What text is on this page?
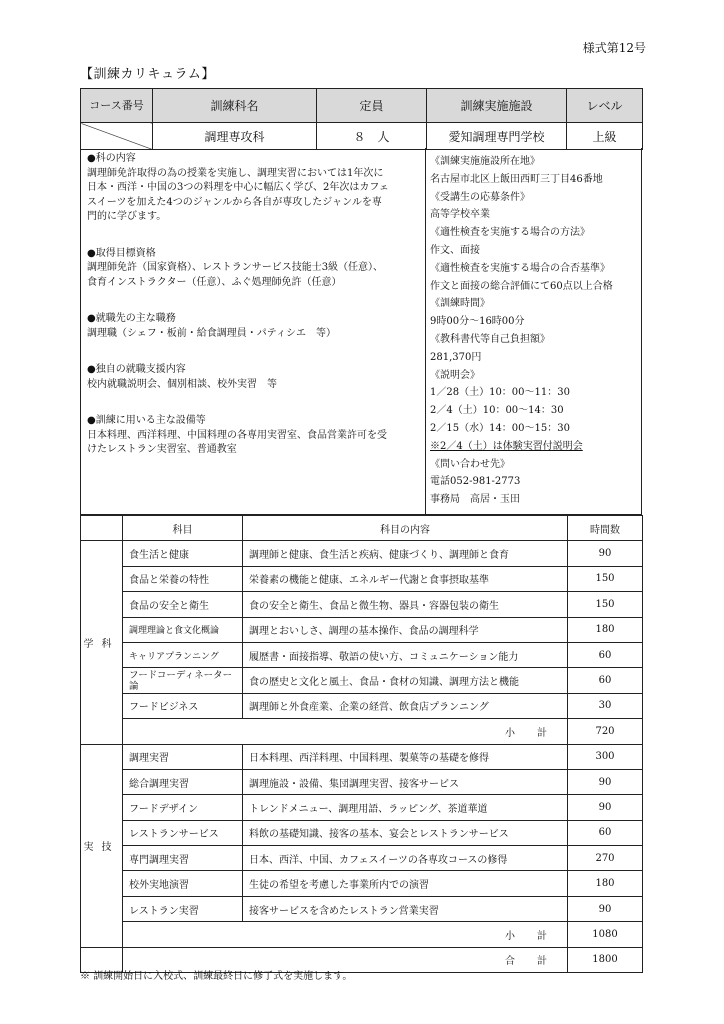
様式第12号
【訓練カリキュラム】
コース番号	訓練科名	定員	訓練実施施設	レベル
	調理専攻科	８　人	愛知調理専門学校	上級
●科の内容
調理師免許取得の為の授業を実施し、調理実習においては1年次に
日本・西洋・中国の3つの料理を中心に幅広く学び、2年次はカフェ
スイーツを加えた4つのジャンルから各自が専攻したジャンルを専
門的に学びます。
●取得目標資格
調理師免許（国家資格）、レストランサービス技能士3級（任意）、
食育インストラクター（任意）、ふぐ処理師免許（任意）
●就職先の主な職務
調理職（シェフ・板前・給食調理員・パティシエ　等）
●独自の就職支援内容
校内就職説明会、個別相談、校外実習　等
●訓練に用いる主な設備等
日本料理、西洋料理、中国料理の各専用実習室、食品営業許可を受
けたレストラン実習室、普通教室
《訓練実施施設所在地》
名古屋市北区上飯田西町三丁目46番地
《受講生の応募条件》
高等学校卒業
《適性検査を実施する場合の方法》
作文、面接
《適性検査を実施する場合の合否基準》
作文と面接の総合評価にて60点以上合格
《訓練時間》
9時00分～16時00分
《教科書代等自己負担額》
281,370円
《説明会》
1／28（土）10：00～11：30
2／4（土）10：00～14：30
2／15（水）14：00～15：30
※2／4（土）は体験実習付説明会
《問い合わせ先》
電話052-981-2773
事務局　高居・玉田
	科目	科目の内容	時間数
学科	食生活と健康	調理師と健康、食生活と疾病、健康づくり、調理師と食育	90
	食品と栄養の特性	栄養素の機能と健康、エネルギー代謝と食事摂取基準	150
	食品の安全と衛生	食の安全と衛生、食品と微生物、器具・容器包装の衛生	150
	調理理論と食文化概論	調理とおいしさ、調理の基本操作、食品の調理科学	180
	キャリアプランニング	履歴書・面接指導、敬語の使い方、コミュニケーション能力	60
	フードコーディネーター論	食の歴史と文化と風土、食品・食材の知識、調理方法と機能	60
	フードビジネス	調理師と外食産業、企業の経営、飲食店プランニング	30
	小　計		720
実技	調理実習	日本料理、西洋料理、中国料理、製菓等の基礎を修得	300
	総合調理実習	調理施設・設備、集団調理実習、接客サービス	90
	フードデザイン	トレンドメニュー、調理用語、ラッピング、茶道華道	90
	レストランサービス	料飲の基礎知識、接客の基本、宴会とレストランサービス	60
	専門調理実習	日本、西洋、中国、カフェスイーツの各専攻コースの修得	270
	校外実地演習	生徒の希望を考慮した事業所内での演習	180
	レストラン実習	接客サービスを含めたレストラン営業実習	90
	小　計		1080
	合　計		1800
※ 訓練開始日に入校式、訓練最終日に修了式を実施します。
